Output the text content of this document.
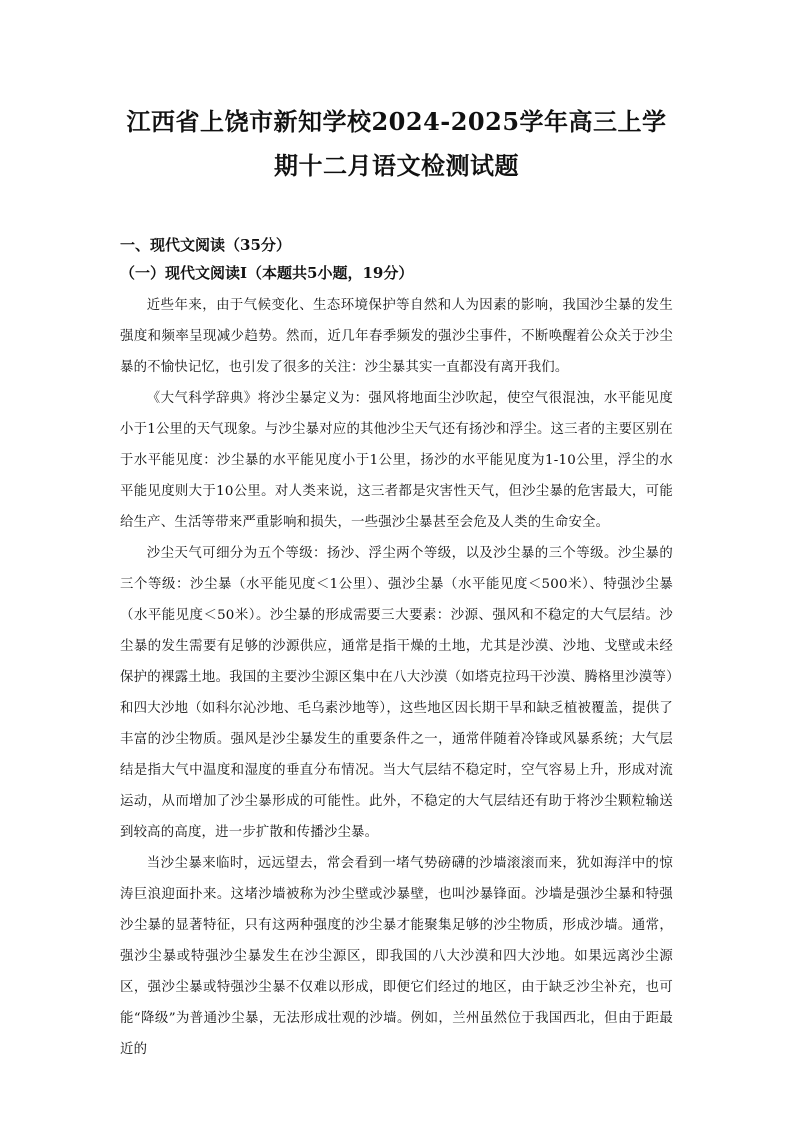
江西省上饶市新知学校2024-2025学年高三上学期十二月语文检测试题
一、现代文阅读（35分）
（一）现代文阅读Ⅰ（本题共5小题，19分）

近些年来，由于气候变化、生态环境保护等自然和人为因素的影响，我国沙尘暴的发生强度和频率呈现减少趋势。然而，近几年春季频发的强沙尘事件，不断唤醒着公众关于沙尘暴的不愉快记忆，也引发了很多的关注：沙尘暴其实一直都没有离开我们。

《大气科学辞典》将沙尘暴定义为：强风将地面尘沙吹起，使空气很混浊，水平能见度小于1公里的天气现象。与沙尘暴对应的其他沙尘天气还有扬沙和浮尘。这三者的主要区别在于水平能见度：沙尘暴的水平能见度小于1公里，扬沙的水平能见度为1-10公里，浮尘的水平能见度则大于10公里。对人类来说，这三者都是灾害性天气，但沙尘暴的危害最大，可能给生产、生活等带来严重影响和损失，一些强沙尘暴甚至会危及人类的生命安全。

沙尘天气可细分为五个等级：扬沙、浮尘两个等级，以及沙尘暴的三个等级。沙尘暴的三个等级：沙尘暴（水平能见度＜1公里）、强沙尘暴（水平能见度＜500米）、特强沙尘暴（水平能见度＜50米）。沙尘暴的形成需要三大要素：沙源、强风和不稳定的大气层结。沙尘暴的发生需要有足够的沙源供应，通常是指干燥的土地，尤其是沙漠、沙地、戈壁或未经保护的裸露土地。我国的主要沙尘源区集中在八大沙漠（如塔克拉玛干沙漠、腾格里沙漠等）和四大沙地（如科尔沁沙地、毛乌素沙地等），这些地区因长期干旱和缺乏植被覆盖，提供了丰富的沙尘物质。强风是沙尘暴发生的重要条件之一，通常伴随着冷锋或风暴系统；大气层结是指大气中温度和湿度的垂直分布情况。当大气层结不稳定时，空气容易上升，形成对流运动，从而增加了沙尘暴形成的可能性。此外，不稳定的大气层结还有助于将沙尘颗粒输送到较高的高度，进一步扩散和传播沙尘暴。

当沙尘暴来临时，远远望去，常会看到一堵气势磅礴的沙墙滚滚而来，犹如海洋中的惊涛巨浪迎面扑来。这堵沙墙被称为沙尘壁或沙暴壁，也叫沙暴锋面。沙墙是强沙尘暴和特强沙尘暴的显著特征，只有这两种强度的沙尘暴才能聚集足够的沙尘物质，形成沙墙。通常，强沙尘暴或特强沙尘暴发生在沙尘源区，即我国的八大沙漠和四大沙地。如果远离沙尘源区，强沙尘暴或特强沙尘暴不仅难以形成，即便它们经过的地区，由于缺乏沙尘补充，也可能“降级”为普通沙尘暴，无法形成壮观的沙墙。例如，兰州虽然位于我国西北，但由于距最近的
